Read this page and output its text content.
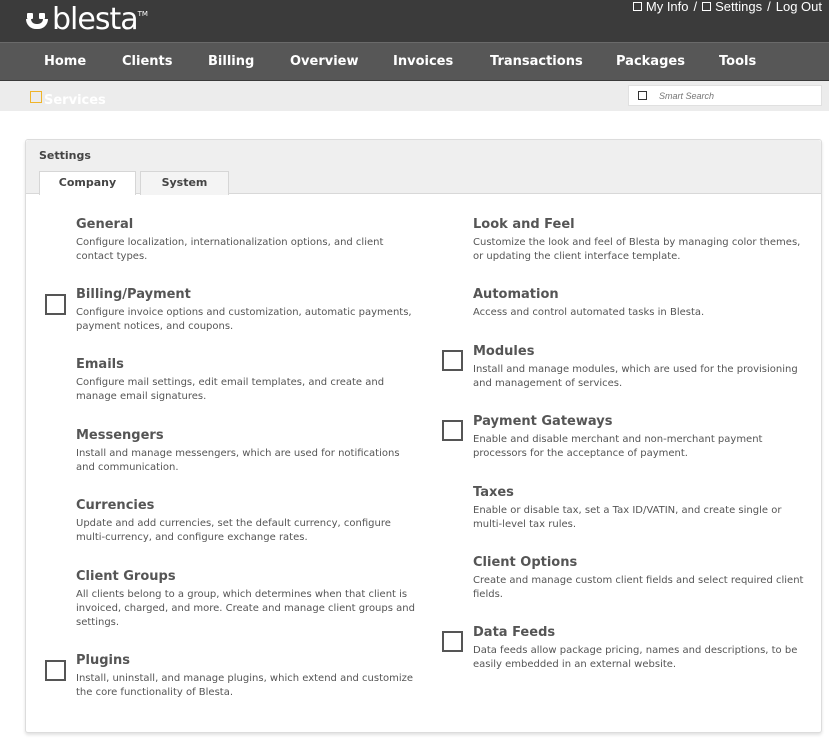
blesta TM	My Info /	Settings / Log Out
Home	Clients	Billing	Overview	Invoices	Transactions	Packages	Tools
Services
Smart Search
Settings
Company	System
General
Configure localization, internationalization options, and client contact types.
Billing/Payment
Configure invoice options and customization, automatic payments, payment notices, and coupons.
Emails
Configure mail settings, edit email templates, and create and manage email signatures.
Messengers
Install and manage messengers, which are used for notifications and communication.
Currencies
Update and add currencies, set the default currency, configure multi-currency, and configure exchange rates.
Client Groups
All clients belong to a group, which determines when that client is invoiced, charged, and more. Create and manage client groups and settings.
Plugins
Install, uninstall, and manage plugins, which extend and customize the core functionality of Blesta.
Look and Feel
Customize the look and feel of Blesta by managing color themes, or updating the client interface template.
Automation
Access and control automated tasks in Blesta.
Modules
Install and manage modules, which are used for the provisioning and management of services.
Payment Gateways
Enable and disable merchant and non-merchant payment processors for the acceptance of payment.
Taxes
Enable or disable tax, set a Tax ID/VATIN, and create single or multi-level tax rules.
Client Options
Create and manage custom client fields and select required client fields.
Data Feeds
Data feeds allow package pricing, names and descriptions, to be easily embedded in an external website.
